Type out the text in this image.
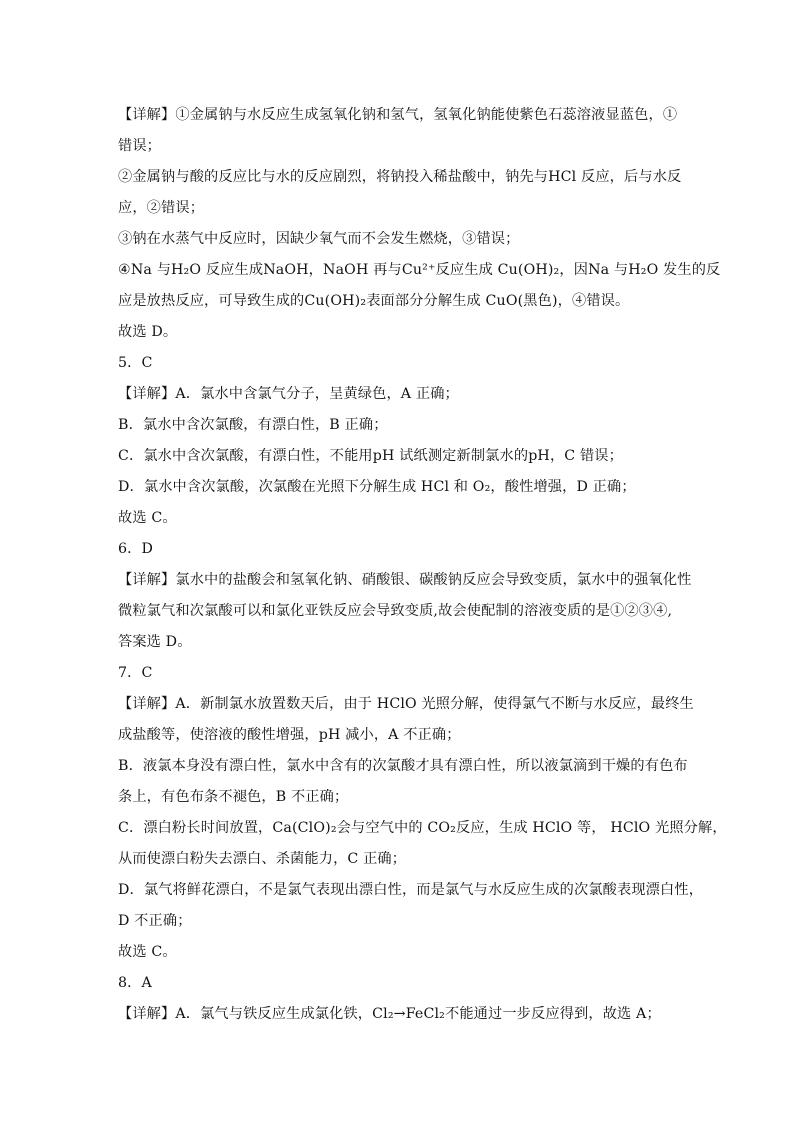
【详解】①金属钠与水反应生成氢氧化钠和氢气，氢氧化钠能使紫色石蕊溶液显蓝色，①
错误；
②金属钠与酸的反应比与水的反应剧烈，将钠投入稀盐酸中，钠先与HCl 反应，后与水反
应，②错误；
③钠在水蒸气中反应时，因缺少氧气而不会发生燃烧，③错误；
④Na 与H₂O 反应生成NaOH，NaOH 再与Cu²⁺反应生成 Cu(OH)₂，因Na 与H₂O 发生的反
应是放热反应，可导致生成的Cu(OH)₂表面部分分解生成 CuO(黑色)，④错误。
故选 D。
5．C
【详解】A．氯水中含氯气分子，呈黄绿色，A 正确；
B．氯水中含次氯酸，有漂白性，B 正确；
C．氯水中含次氯酸，有漂白性，不能用pH 试纸测定新制氯水的pH，C 错误；
D．氯水中含次氯酸，次氯酸在光照下分解生成 HCl 和 O₂，酸性增强，D 正确；
故选 C。
6．D
【详解】氯水中的盐酸会和氢氧化钠、硝酸银、碳酸钠反应会导致变质，氯水中的强氧化性
微粒氯气和次氯酸可以和氯化亚铁反应会导致变质,故会使配制的溶液变质的是①②③④,
答案选 D。
7．C
【详解】A．新制氯水放置数天后，由于 HClO 光照分解，使得氯气不断与水反应，最终生
成盐酸等，使溶液的酸性增强，pH 减小，A 不正确；
B．液氯本身没有漂白性，氯水中含有的次氯酸才具有漂白性，所以液氯滴到干燥的有色布
条上，有色布条不褪色，B 不正确；
C．漂白粉长时间放置，Ca(ClO)₂会与空气中的 CO₂反应，生成 HClO 等， HClO 光照分解，
从而使漂白粉失去漂白、杀菌能力，C 正确；
D．氯气将鲜花漂白，不是氯气表现出漂白性，而是氯气与水反应生成的次氯酸表现漂白性，
D 不正确；
故选 C。
8．A
【详解】A．氯气与铁反应生成氯化铁，Cl₂→FeCl₂不能通过一步反应得到，故选 A；
